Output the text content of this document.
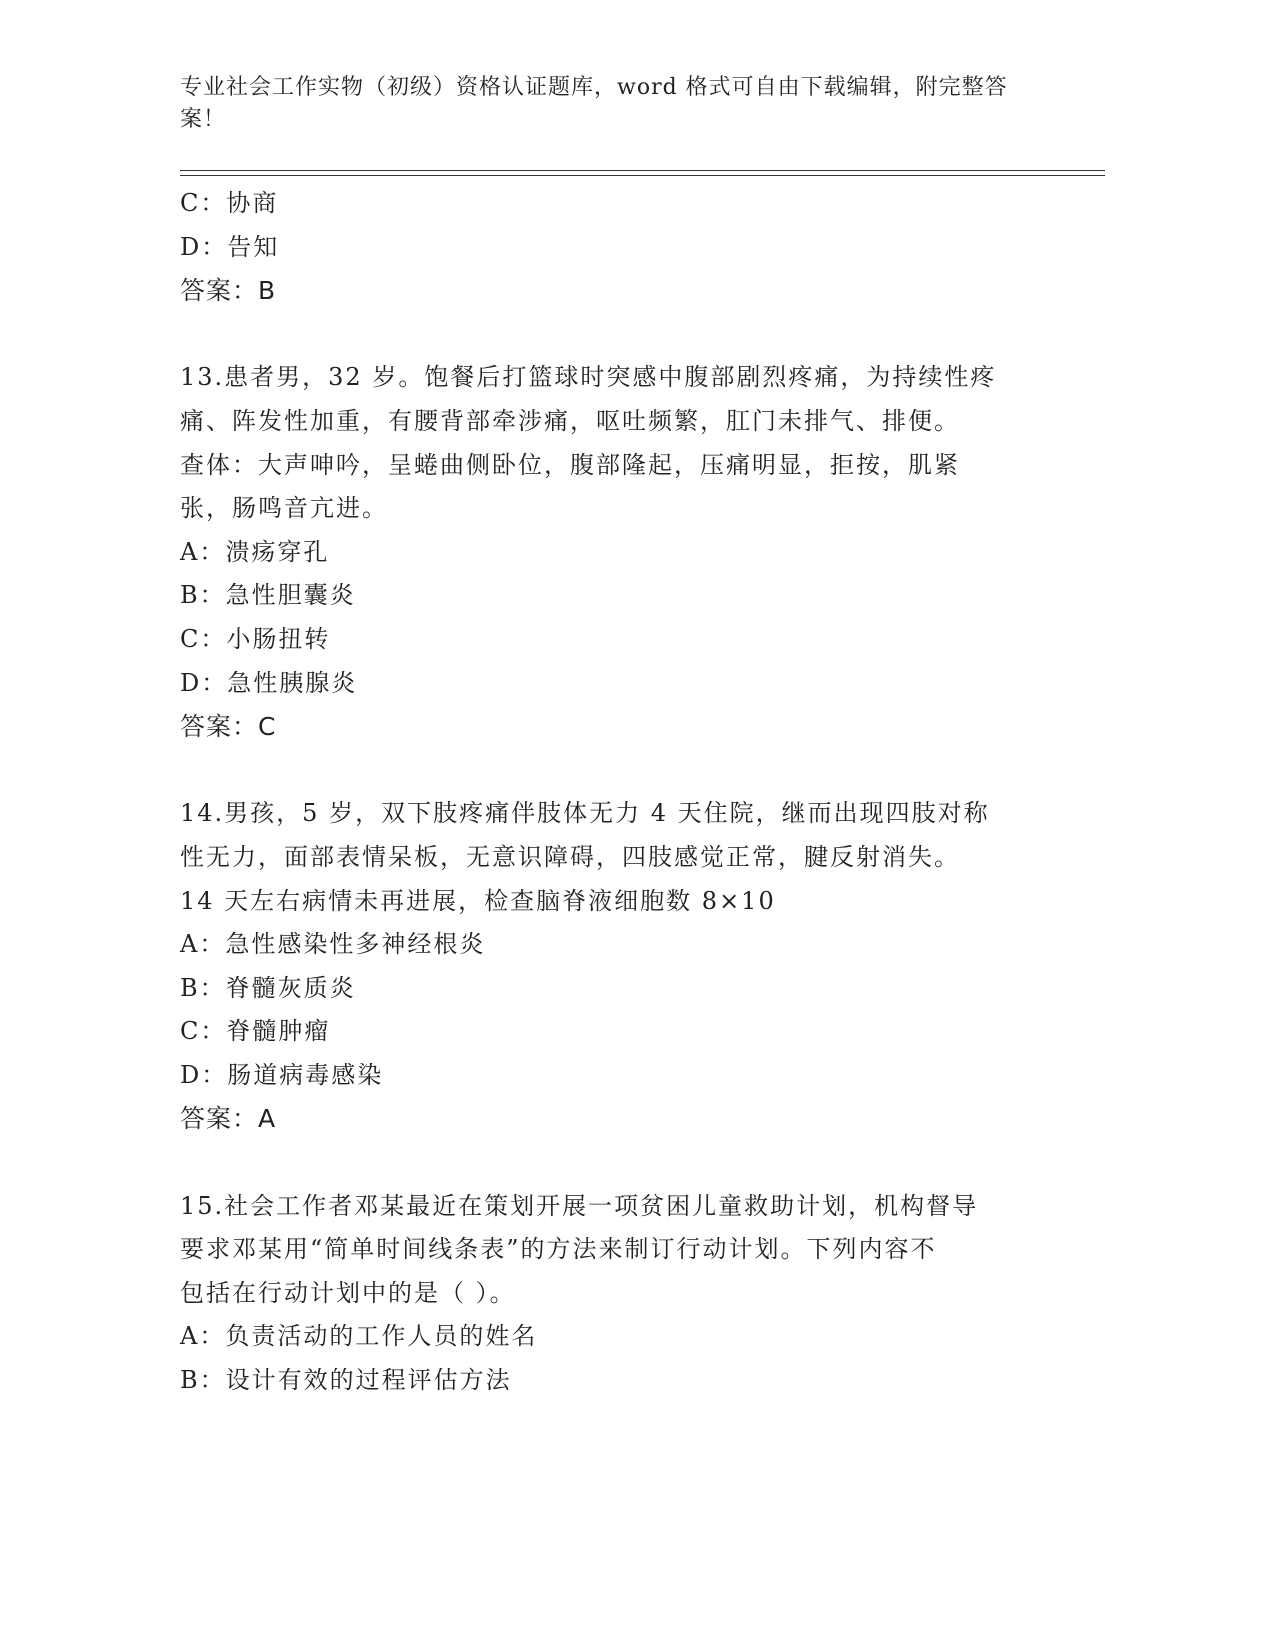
专业社会工作实物（初级）资格认证题库，word 格式可自由下载编辑，附完整答
案！

C：协商

D：告知

答案：B

13.患者男，32 岁。饱餐后打篮球时突感中腹部剧烈疼痛，为持续性疼

痛、阵发性加重，有腰背部牵涉痛，呕吐频繁，肛门未排气、排便。

查体：大声呻吟，呈蜷曲侧卧位，腹部隆起，压痛明显，拒按，肌紧

张，肠鸣音亢进。

A：溃疡穿孔

B：急性胆囊炎

C：小肠扭转

D：急性胰腺炎

答案：C

14.男孩，5 岁，双下肢疼痛伴肢体无力 4 天住院，继而出现四肢对称

性无力，面部表情呆板，无意识障碍，四肢感觉正常，腱反射消失。

14 天左右病情未再进展，检查脑脊液细胞数 8×10

A：急性感染性多神经根炎

B：脊髓灰质炎

C：脊髓肿瘤

D：肠道病毒感染

答案：A

15.社会工作者邓某最近在策划开展一项贫困儿童救助计划，机构督导

要求邓某用“简单时间线条表”的方法来制订行动计划。下列内容不

包括在行动计划中的是（ ）。

A：负责活动的工作人员的姓名

B：设计有效的过程评估方法
